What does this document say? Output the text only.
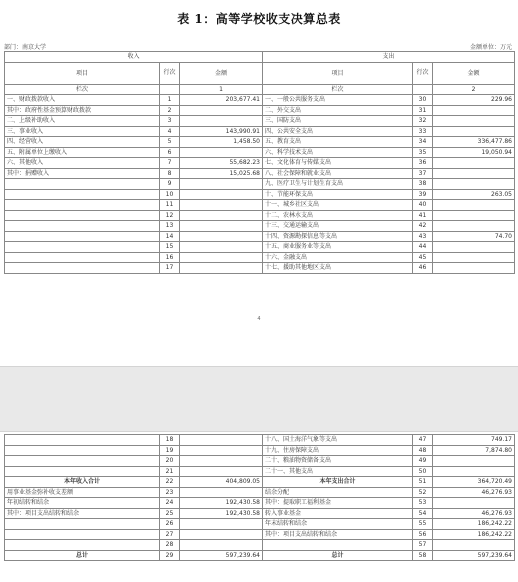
表 1：高等学校收支决算总表
部门：南京大学	金额单位：万元
收入			支出		
项目	行次	金额	项目	行次	金额
栏次		1	栏次		2
一、财政拨款收入	1	203,677.41	一、一般公共服务支出	30	229.96
其中：政府性基金预算财政拨款	2		二、外交支出	31	
二、上级补助收入	3		三、国防支出	32	
三、事业收入	4	143,990.91	四、公共安全支出	33	
四、经营收入	5	1,458.50	五、教育支出	34	336,477.86
五、附属单位上缴收入	6		六、科学技术支出	35	19,050.94
六、其他收入	7	55,682.23	七、文化体育与传媒支出	36	
其中：捐赠收入	8	15,025.68	八、社会保障和就业支出	37	
	9		九、医疗卫生与计划生育支出	38	
	10		十、节能环保支出	39	263.05
	11		十一、城乡社区支出	40	
	12		十二、农林水支出	41	
	13		十三、交通运输支出	42	
	14		十四、资源勘探信息等支出	43	74.70
	15		十五、商业服务业等支出	44	
	16		十六、金融支出	45	
	17		十七、援助其他地区支出	46	
4
	18		十八、国土海洋气象等支出	47	749.17
	19		十九、住房保障支出	48	7,874.80
	20		二十、粮油物资储备支出	49	
	21		二十一、其他支出	50	
本年收入合计	22	404,809.05	本年支出合计	51	364,720.49
用事业基金弥补收支差额	23		结余分配	52	46,276.93
年初结转和结余	24	192,430.58	其中：提取职工福利基金	53	
其中：项目支出结转和结余	25	192,430.58	转入事业基金	54	46,276.93
	26		年末结转和结余	55	186,242.22
	27		其中：项目支出结转和结余	56	186,242.22
	28			57	
总计	29	597,239.64	总计	58	597,239.64
